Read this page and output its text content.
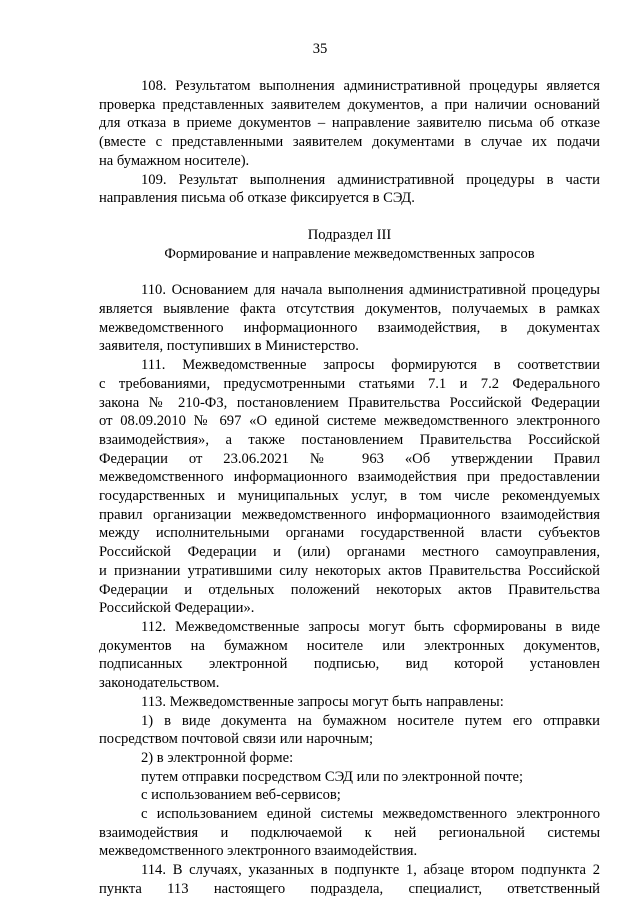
35
108. Результатом выполнения административной процедуры является
проверка представленных заявителем документов, а при наличии оснований
для отказа в приеме документов – направление заявителю письма об отказе
(вместе с представленными заявителем документами в случае их подачи
на бумажном носителе).
109. Результат выполнения административной процедуры в части
направления письма об отказе фиксируется в СЭД.
Подраздел III
Формирование и направление межведомственных запросов
110. Основанием для начала выполнения административной процедуры
является выявление факта отсутствия документов, получаемых в рамках
межведомственного информационного взаимодействия, в документах
заявителя, поступивших в Министерство.
111. Межведомственные запросы формируются в соответствии
с требованиями, предусмотренными статьями 7.1 и 7.2 Федерального
закона № 210-ФЗ, постановлением Правительства Российской Федерации
от 08.09.2010 № 697 «О единой системе межведомственного электронного
взаимодействия», а также постановлением Правительства Российской
Федерации от 23.06.2021 № 963 «Об утверждении Правил
межведомственного информационного взаимодействия при предоставлении
государственных и муниципальных услуг, в том числе рекомендуемых
правил организации межведомственного информационного взаимодействия
между исполнительными органами государственной власти субъектов
Российской Федерации и (или) органами местного самоуправления,
и признании утратившими силу некоторых актов Правительства Российской
Федерации и отдельных положений некоторых актов Правительства
Российской Федерации».
112. Межведомственные запросы могут быть сформированы в виде
документов на бумажном носителе или электронных документов,
подписанных электронной подписью, вид которой установлен
законодательством.
113. Межведомственные запросы могут быть направлены:
1) в виде документа на бумажном носителе путем его отправки
посредством почтовой связи или нарочным;
2) в электронной форме:
путем отправки посредством СЭД или по электронной почте;
с использованием веб-сервисов;
с использованием единой системы межведомственного электронного
взаимодействия и подключаемой к ней региональной системы
межведомственного электронного взаимодействия.
114. В случаях, указанных в подпункте 1, абзаце втором подпункта 2
пункта 113 настоящего подраздела, специалист, ответственный
